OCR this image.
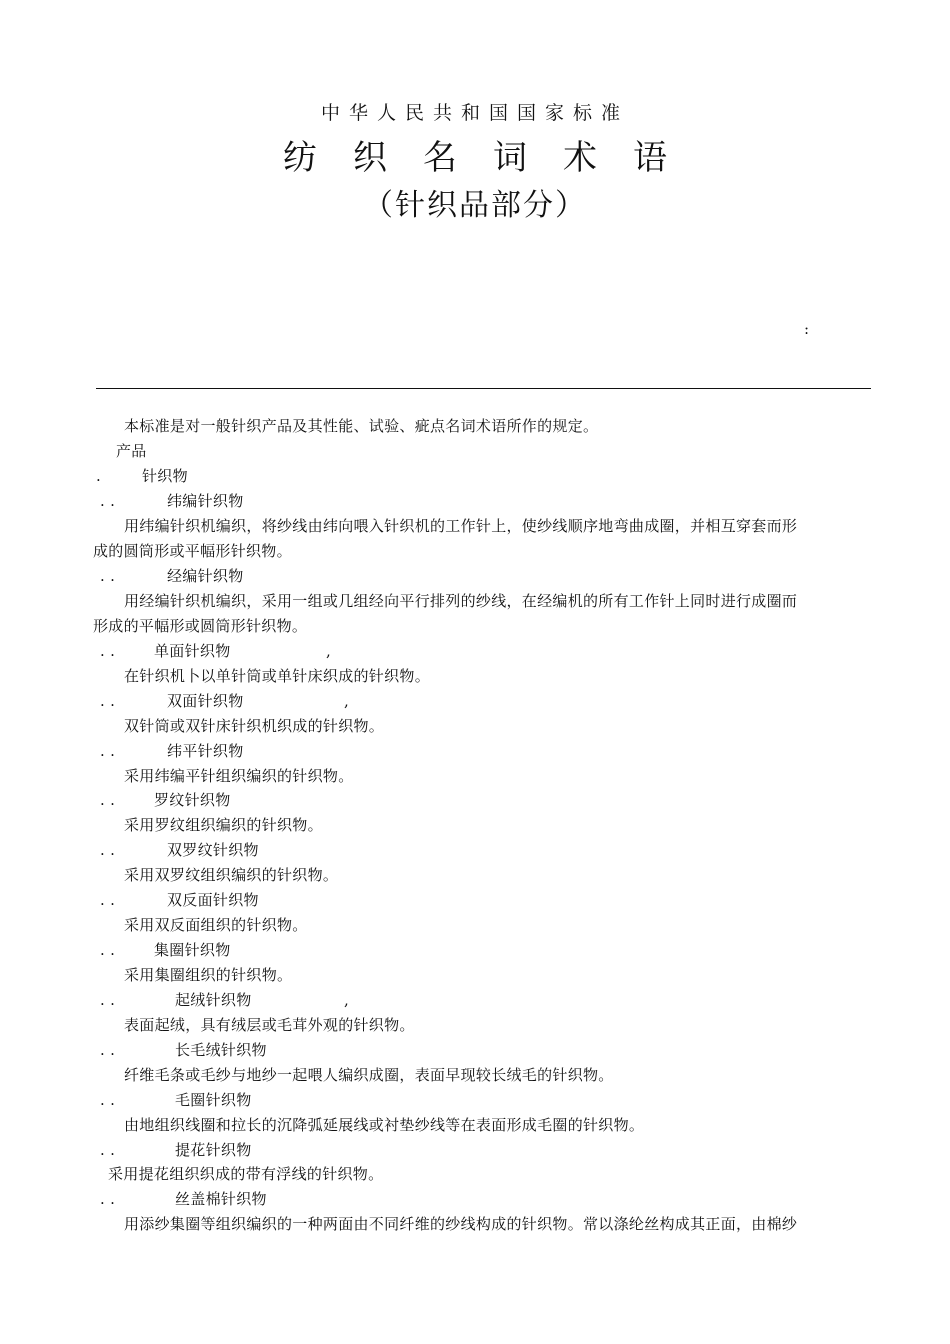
中华人民共和国国家标准
纺织名词术语
（针织品部分）
:
本标准是对一般针织产品及其性能、试验、疵点名词术语所作的规定。
产品
.	针织物
. .	纬编针织物
用纬编针织机编织，将纱线由纬向喂入针织机的工作针上，使纱线顺序地弯曲成圈，并相互穿套而形
成的圆筒形或平幅形针织物。
. .	经编针织物
用经编针织机编织，采用一组或几组经向平行排列的纱线，在经编机的所有工作针上同时进行成圈而
形成的平幅形或圆筒形针织物。
. .	单面针织物	,
在针织机卜以单针筒或单针床织成的针织物。
. .	双面针织物	,
双针筒或双针床针织机织成的针织物。
. .	纬平针织物
采用纬编平针组织编织的针织物。
. .	罗纹针织物
采用罗纹组织编织的针织物。
. .	双罗纹针织物
采用双罗纹组织编织的针织物。
. .	双反面针织物
采用双反面组织的针织物。
. .	集圈针织物
采用集圈组织的针织物。
. .	起绒针织物	,
表面起绒，具有绒层或毛茸外观的针织物。
. .	长毛绒针织物
纤维毛条或毛纱与地纱一起喂人编织成圈，表面早现较长绒毛的针织物。
. .	毛圈针织物
由地组织线圈和拉长的沉降弧延展线或衬垫纱线等在表面形成毛圈的针织物。
. .	提花针织物
采用提花组织织成的带有浮线的针织物。
. .	丝盖棉针织物
用添纱集圈等组织编织的一种两面由不同纤维的纱线构成的针织物。常以涤纶丝构成其正面，由棉纱
